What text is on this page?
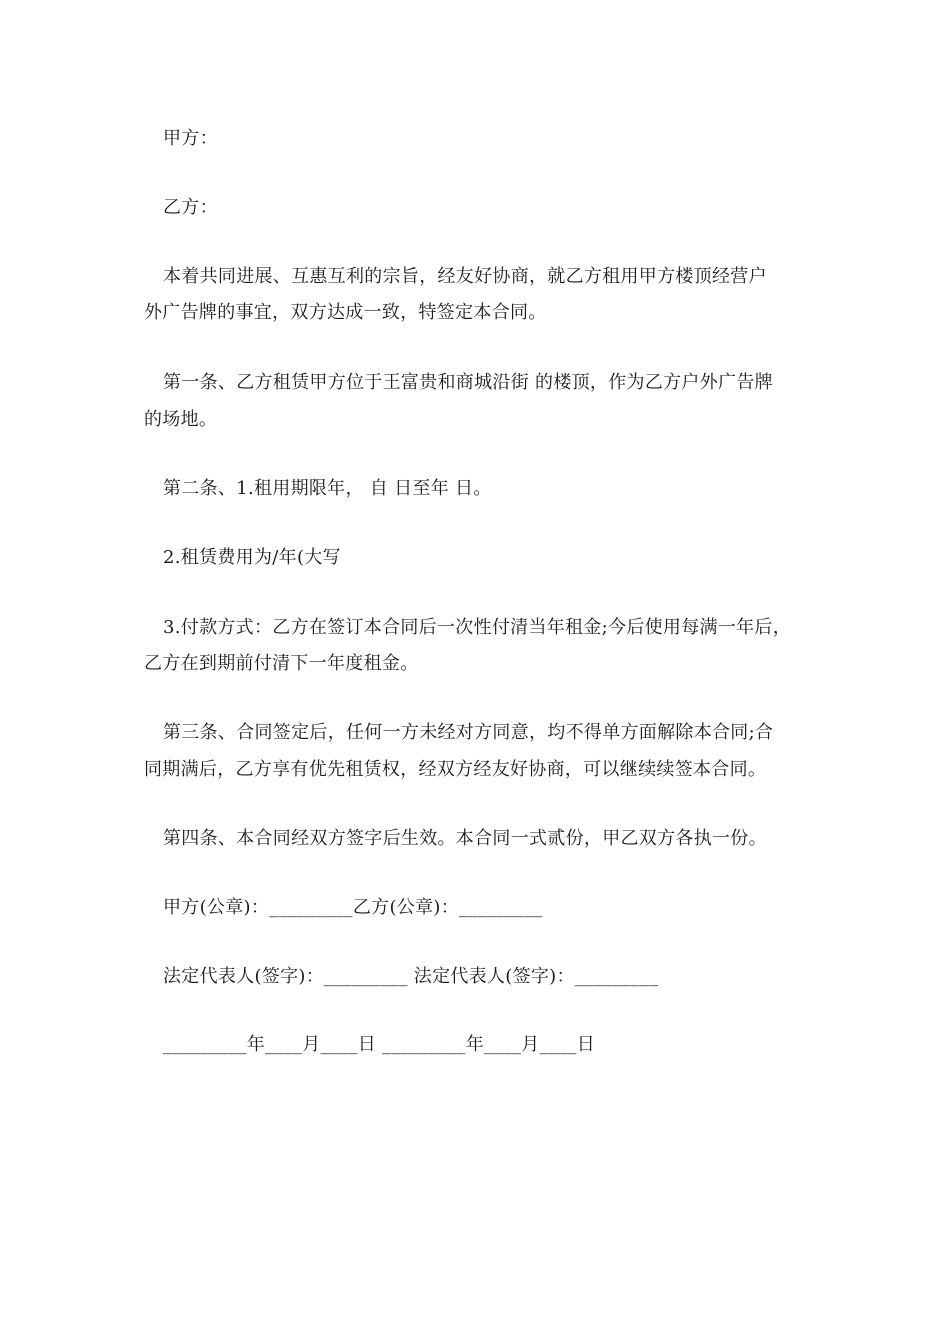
甲方：
乙方：
本着共同进展、互惠互利的宗旨，经友好协商，就乙方租用甲方楼顶经营户
外广告牌的事宜，双方达成一致，特签定本合同。
第一条、乙方租赁甲方位于王富贵和商城沿街 的楼顶，作为乙方户外广告牌
的场地。
第二条、1.租用期限年， 自 日至年 日。
2.租赁费用为/年(大写
3.付款方式：乙方在签订本合同后一次性付清当年租金;今后使用每满一年后，
乙方在到期前付清下一年度租金。
第三条、合同签定后，任何一方未经对方同意，均不得单方面解除本合同;合
同期满后，乙方享有优先租赁权，经双方经友好协商，可以继续续签本合同。
第四条、本合同经双方签字后生效。本合同一式贰份，甲乙双方各执一份。
甲方(公章)：_________乙方(公章)：_________
法定代表人(签字)：_________ 法定代表人(签字)：_________
_________年____月____日 _________年____月____日
